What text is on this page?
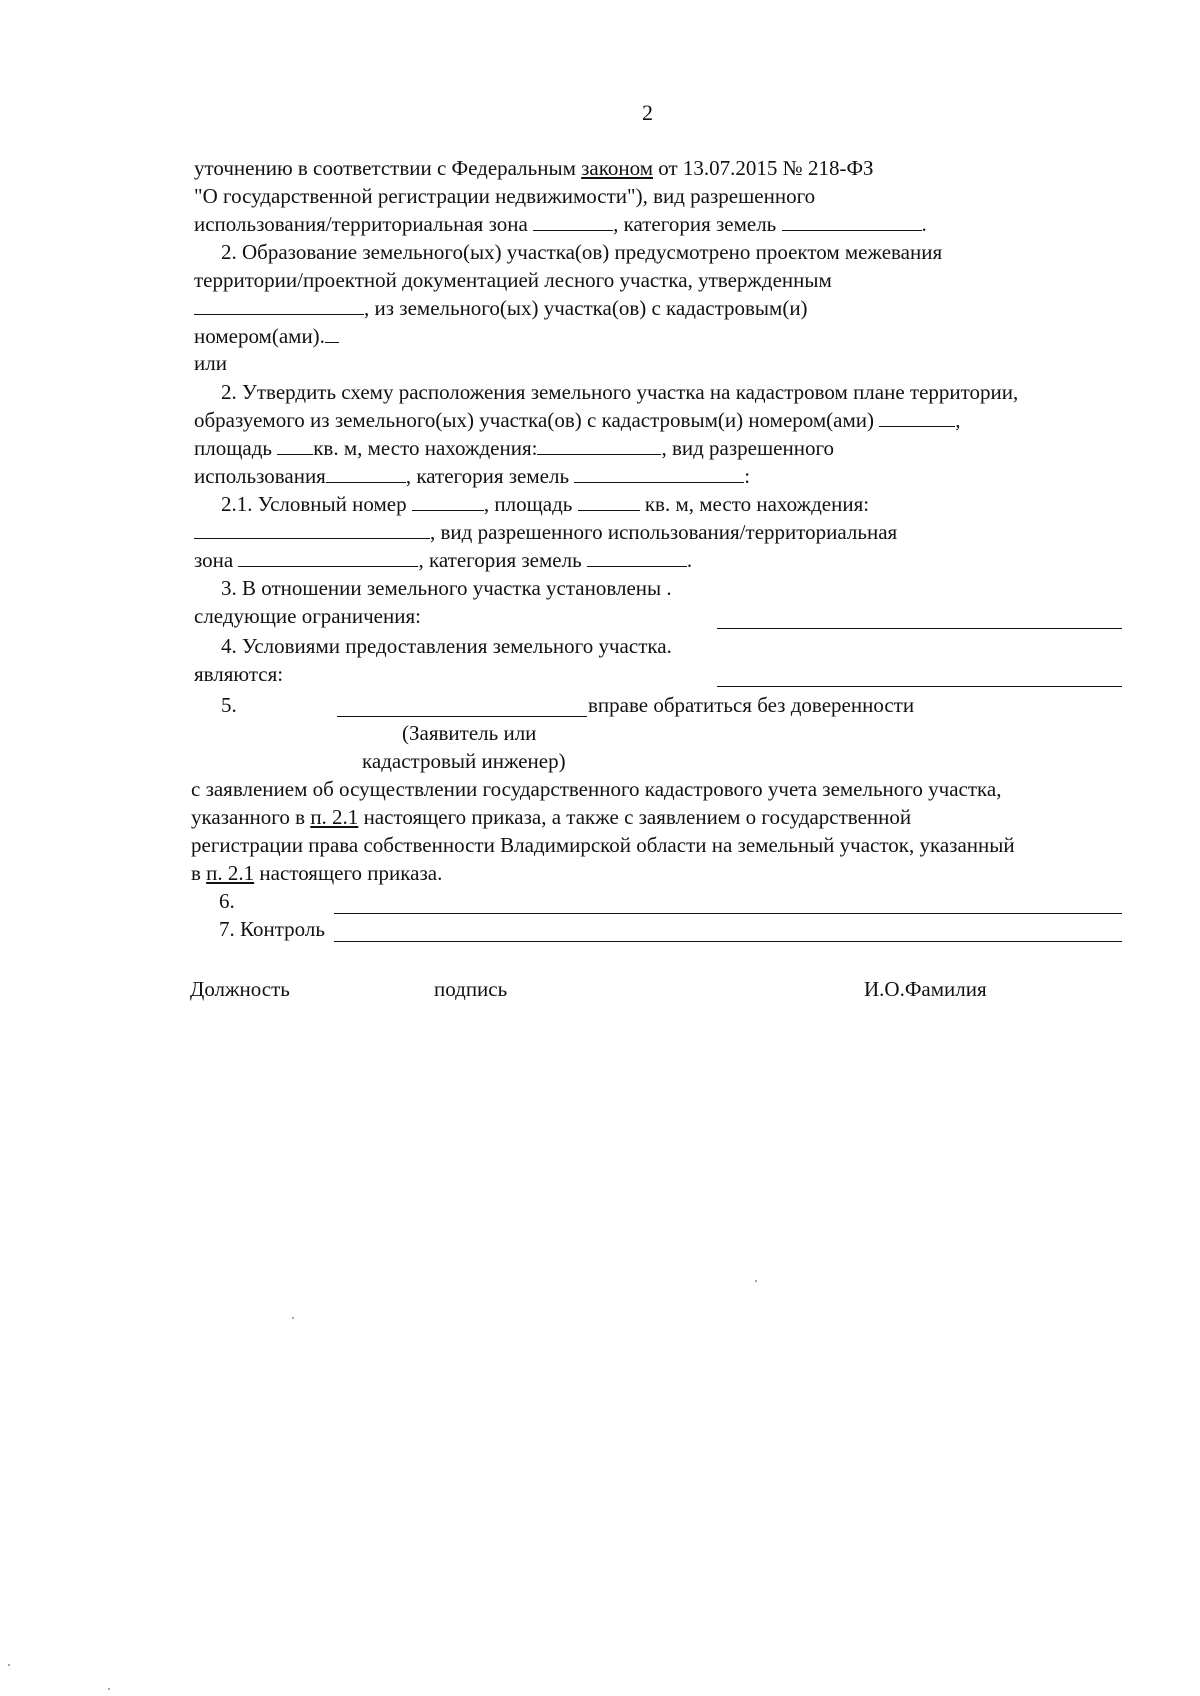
2
уточнению в соответствии с Федеральным законом от 13.07.2015 № 218-ФЗ
"О государственной регистрации недвижимости"), вид разрешенного
использования/территориальная зона	, категория земель	.
2. Образование земельного(ых) участка(ов) предусмотрено проектом межевания
территории/проектной документацией лесного участка, утвержденным
, из земельного(ых) участка(ов) с кадастровым(и)
номером(ами).
или
2. Утвердить схему расположения земельного участка на кадастровом плане территории,
образуемого из земельного(ых) участка(ов) с кадастровым(и) номером(ами)	,
площадь кв. м, место нахождения:	, вид разрешенного
использования	, категория земель	:
2.1. Условный номер	, площадь	кв. м, место нахождения:
, вид разрешенного использования/территориальная
зона	, категория земель	.
3. В отношении земельного участка установлены .
следующие ограничения:
4. Условиями предоставления земельного участка.
являются:
5.	вправе обратиться без доверенности
(Заявитель или
кадастровый инженер)
с заявлением об осуществлении государственного кадастрового учета земельного участка,
указанного в п. 2.1 настоящего приказа, а также с заявлением о государственной
регистрации права собственности Владимирской области на земельный участок, указанный
в п. 2.1 настоящего приказа.
6.
7. Контроль
Должность	подпись	И.О.Фамилия
